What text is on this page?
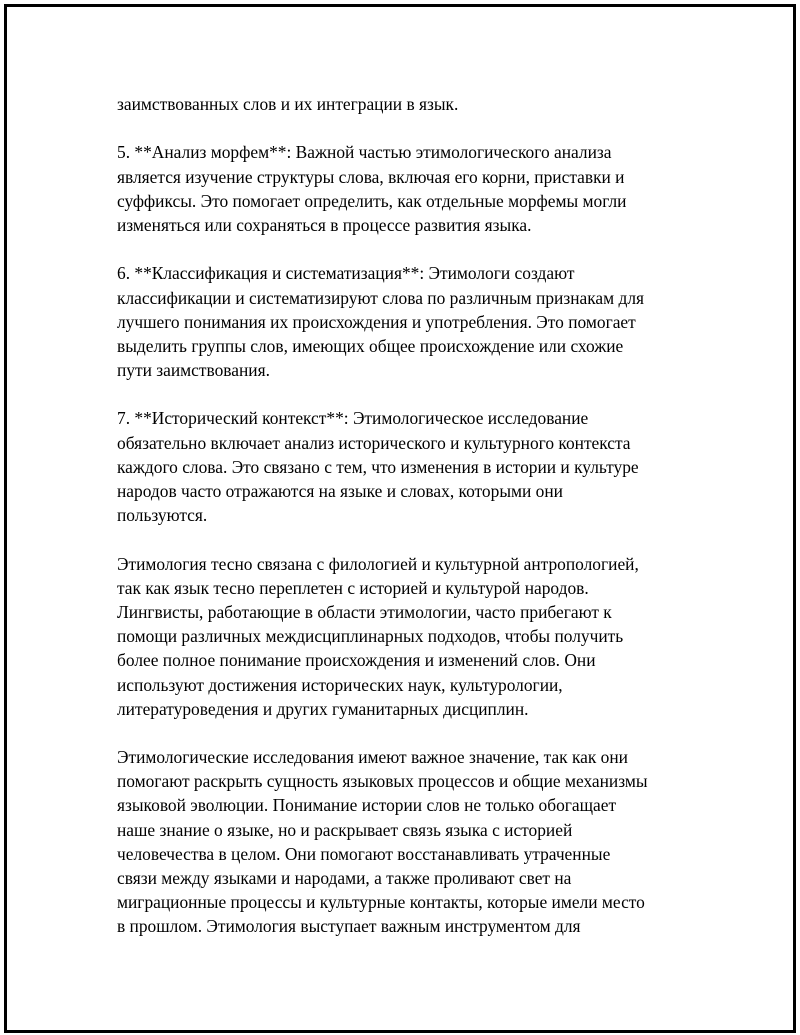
заимствованных слов и их интеграции в язык.
5. **Анализ морфем**: Важной частью этимологического анализа
является изучение структуры слова, включая его корни, приставки и
суффиксы. Это помогает определить, как отдельные морфемы могли
изменяться или сохраняться в процессе развития языка.
6. **Классификация и систематизация**: Этимологи создают
классификации и систематизируют слова по различным признакам для
лучшего понимания их происхождения и употребления. Это помогает
выделить группы слов, имеющих общее происхождение или схожие
пути заимствования.
7. **Исторический контекст**: Этимологическое исследование
обязательно включает анализ исторического и культурного контекста
каждого слова. Это связано с тем, что изменения в истории и культуре
народов часто отражаются на языке и словах, которыми они
пользуются.
Этимология тесно связана с филологией и культурной антропологией,
так как язык тесно переплетен с историей и культурой народов.
Лингвисты, работающие в области этимологии, часто прибегают к
помощи различных междисциплинарных подходов, чтобы получить
более полное понимание происхождения и изменений слов. Они
используют достижения исторических наук, культурологии,
литературоведения и других гуманитарных дисциплин.
Этимологические исследования имеют важное значение, так как они
помогают раскрыть сущность языковых процессов и общие механизмы
языковой эволюции. Понимание истории слов не только обогащает
наше знание о языке, но и раскрывает связь языка с историей
человечества в целом. Они помогают восстанавливать утраченные
связи между языками и народами, а также проливают свет на
миграционные процессы и культурные контакты, которые имели место
в прошлом. Этимология выступает важным инструментом для
